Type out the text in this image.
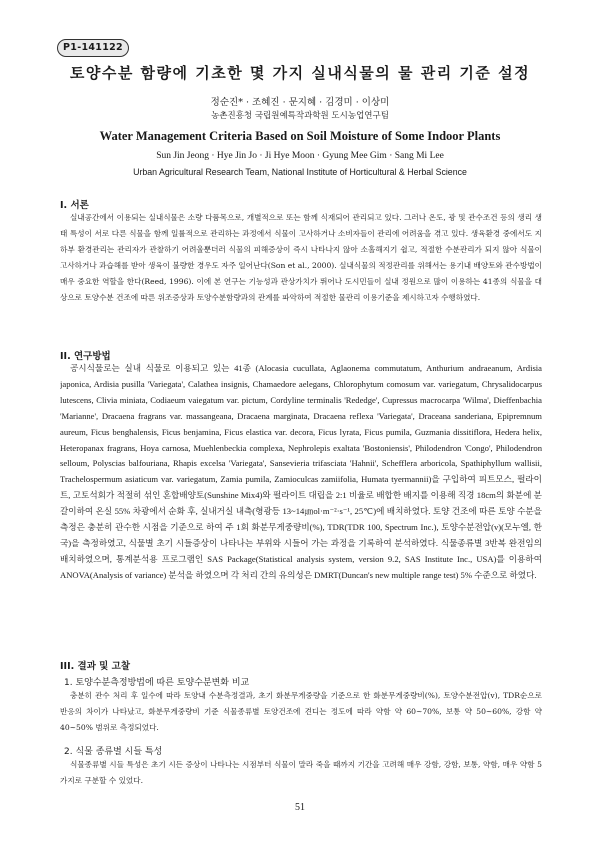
P1-141122
토양수분 함량에 기초한 몇 가지 실내식물의 물 관리 기준 설정
정순진* · 조혜진 · 문지혜 · 김경미 · 이상미
농촌진흥청 국립원예특작과학원 도시농업연구팀
Water Management Criteria Based on Soil Moisture of Some Indoor Plants
Sun Jin Jeong · Hye Jin Jo · Ji Hye Moon · Gyung Mee Gim · Sang Mi Lee
Urban Agricultural Research Team, National Institute of Horticultural & Herbal Science
I. 서론

실내공간에서 이용되는 실내식물은 소량 다품목으로, 개별적으로 또는 함께 식재되어 관리되고 있다. 그러나 온도, 광 및 관수조건 등의 생리 생태 특성이 서로 다른 식물을 함께 일률적으로 관리하는 과정에서 식물이 고사하거나 소비자들이 관리에 어려움을 겪고 있다. 생육환경 중에서도 지하부 환경관리는 관리자가 관찰하기 어려울뿐더러 식물의 피해증상이 즉시 나타나지 않아 소홀해지기 쉽고, 적절한 수분관리가 되지 않아 식물이 고사하거나 과습해를 받아 생육이 불량한 경우도 자주 일어난다(Son et al., 2000). 실내식물의 적정관리를 위해서는 용기내 배양토와 관수방법이 매우 중요한 역할을 한다(Reed, 1996). 이에 본 연구는 기능성과 관상가치가 뛰어나 도시민들이 실내 정원으로 많이 이용하는 41종의 식물을 대상으로 토양수분 건조에 따른 위조증상과 토양수분함량과의 관계를 파악하여 적절한 물관리 이용기준을 제시하고자 수행하였다.

II. 연구방법

공시식물로는 실내 식물로 이용되고 있는 41종 (Alocasia cucullata, Aglaonema commutatum, Anthurium andraeanum, Ardisia japonica, Ardisia pusilla 'Variegata', Calathea insignis, Chamaedore aelegans, Chlorophytum comosum var. variegatum, Chrysalidocarpus lutescens, Clivia miniata, Codiaeum vaiegatum var. pictum, Cordyline terminalis 'Rededge', Cupressus macrocarpa 'Wilma', Dieffenbachia 'Marianne', Dracaena fragrans var. massangeana, Dracaena marginata, Dracaena reflexa 'Variegata', Draceana sanderiana, Epipremnum aureum, Ficus benghalensis, Ficus benjamina, Ficus elastica var. decora, Ficus lyrata, Ficus pumila, Guzmania dissitiflora, Hedera helix, Heteropanax fragrans, Hoya carnosa, Muehlenbeckia complexa, Nephrolepis exaltata 'Bostoniensis', Philodendron 'Congo', Philodendron selloum, Polyscias balfouriana, Rhapis excelsa 'Variegata', Sansevieria trifasciata 'Hahnii', Schefflera arboricola, Spathiphyllum wallisii, Trachelospermum asiaticum var. variegatum, Zamia pumila, Zamioculcas zamiifolia, Humata tyermannii)을 구입하여 피트모스, 펄라이트, 고토석회가 적절히 섞인 혼합배양토(Sunshine Mix4)와 펄라이트 대립을 2:1 비율로 배합한 배지를 이용해 직경 18cm의 화분에 분갈이하여 온실 55% 차광에서 순화 후, 실내거실 내측(형광등 13~14㎛ol·m⁻²·s⁻¹, 25℃)에 배치하였다. 토양 건조에 따른 토양 수분을 측정은 충분히 관수한 시점을 기준으로 하여 주 1회 화분무게중량비(%), TDR(TDR 100, Spectrum Inc.), 토양수분전압(v)(모누엘, 한국)을 측정하였고, 식물별 초기 시들증상이 나타나는 부위와 시들어 가는 과정을 기록하여 분석하였다. 식물종류별 3반복 완전임의 배치하였으며, 통계분석용 프로그램인 SAS Package(Statistical analysis system, version 9.2, SAS Institute Inc., USA)를 이용하여 ANOVA(Analysis of variance) 분석을 하였으며 각 처리 간의 유의성은 DMRT(Duncan's new multiple range test) 5% 수준으로 하였다.

III. 결과 및 고찰
1. 토양수분측정방법에 따른 토양수분변화 비교

충분히 관수 처리 후 일수에 따라 토양내 수분측정결과, 초기 화분무게중량을 기준으로 한 화분무게중량비(%), 토양수분전압(v), TDR순으로 반응의 차이가 나타났고, 화분무게중량비 기준 식물종류별 토양건조에 견디는 정도에 따라 약함 약 60~70%, 보통 약 50~60%, 강함 약 40~50% 범위로 측정되었다.

2. 식물 종류별 시들 특성

식물종류별 시들 특성은 초기 시든 증상이 나타나는 시점부터 식물이 말라 죽을 때까지 기간을 고려해 매우 강함, 강함, 보통, 약함, 매우 약함 5가지로 구분할 수 있었다.

51
